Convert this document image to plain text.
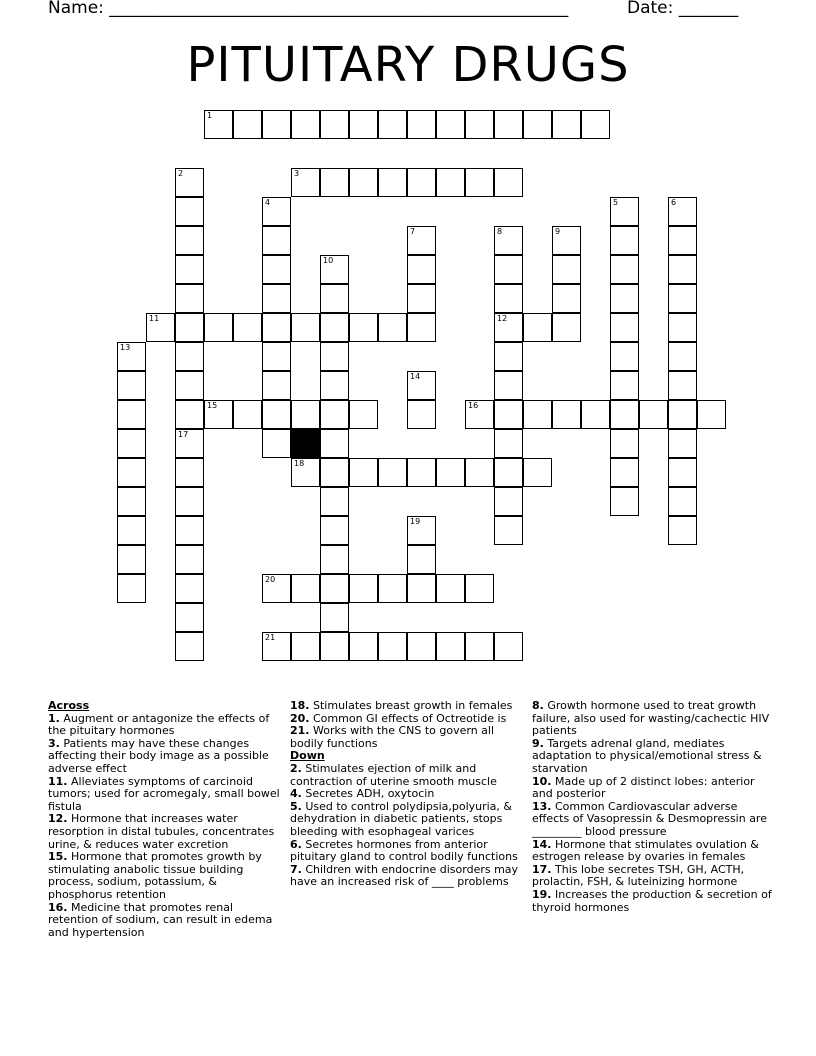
Name: ______________________________________________________	Date: _______
PITUITARY DRUGS
1
2
17
3
4	5	6
7	8
12
9
10
11
13
14
15	16
18
19
20
21

Across

1. Augment or antagonize the effects of the pituitary hormones

3. Patients may have these changes affecting their body image as a possible adverse effect

11. Alleviates symptoms of carcinoid tumors; used for acromegaly, small bowel fistula

12. Hormone that increases water resorption in distal tubules, concentrates urine, & reduces water excretion

15. Hormone that promotes growth by stimulating anabolic tissue building process, sodium, potassium, & phosphorus retention

16. Medicine that promotes renal retention of sodium, can result in edema and hypertension

18. Stimulates breast growth in females

20. Common GI effects of Octreotide is

21. Works with the CNS to govern all bodily functions

Down

2. Stimulates ejection of milk and contraction of uterine smooth muscle

4. Secretes ADH, oxytocin

5. Used to control polydipsia,polyuria, & dehydration in diabetic patients, stops bleeding with esophageal varices

6. Secretes hormones from anterior pituitary gland to control bodily functions

7. Children with endocrine disorders may have an increased risk of ____ problems

8. Growth hormone used to treat growth failure, also used for wasting/cachectic HIV patients

9. Targets adrenal gland, mediates adaptation to physical/emotional stress & starvation

10. Made up of 2 distinct lobes: anterior and posterior

13. Common Cardiovascular adverse effects of Vasopressin & Desmopressin are _________ blood pressure

14. Hormone that stimulates ovulation & estrogen release by ovaries in females

17. This lobe secretes TSH, GH, ACTH, prolactin, FSH, & luteinizing hormone

19. Increases the production & secretion of thyroid hormones
